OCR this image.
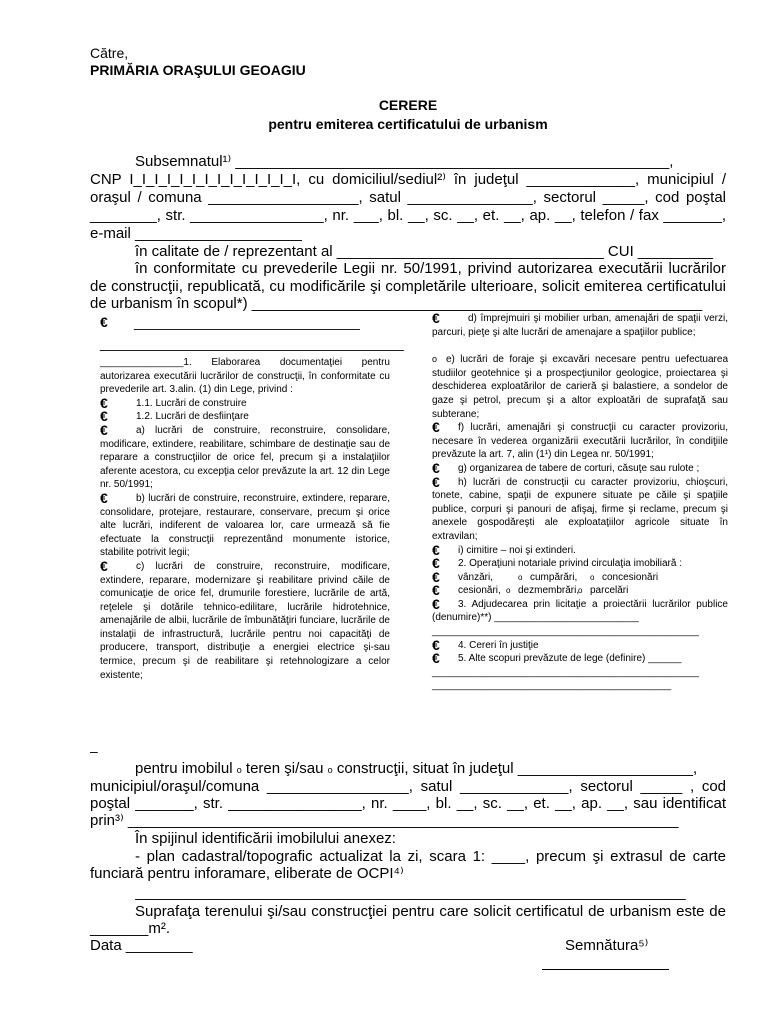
Către,
PRIMĂRIA ORAŞULUI GEOAGIU
CERERE
pentru emiterea certificatului de urbanism
Subsemnatul¹⁾ ____________________________________________________,
CNP I_I_I_I_I_I_I_I_I_I_I_I_I_I, cu domiciliul/sediul²⁾ în judeţul _____________, municipiul /
oraşul / comuna __________________, satul _______________, sectorul _____, cod poştal
________, str. ________________, nr. ___, bl. __, sc. __, et. __, ap. __, telefon / fax _______,
e-mail ____________________
în calitate de / reprezentant al ________________________________ CUI _________
în conformitate cu prevederile Legii nr. 50/1991, privind autorizarea executării lucrărilor
de construcţii, republicată, cu modificările şi completările ulterioare, solicit emiterea certificatului
de urbanism în scopul*) ______________________________________________________
€	_____________________________
_______________________________________
_______________1. Elaborarea documentaţiei pentru autorizarea executării lucrărilor de construcţii, în conformitate cu prevederile art. 3.alin. (1) din Lege, privind :
€	1.1. Lucrări de construire
€	1.2. Lucrări de desfiinţare
€	a) lucrări de construire, reconstruire, consolidare, modificare, extindere, reabilitare, schimbare de destinaţie sau de reparare a construcţiilor de orice fel, precum şi a instalaţiilor aferente acestora, cu excepţia celor prevăzute la art. 12 din Lege nr. 50/1991;
€	b) lucrări de construire, reconstruire, extindere, reparare, consolidare, protejare, restaurare, conservare, precum şi orice alte lucrări, indiferent de valoarea lor, care urmează să fie efectuate la construcţii reprezentând monumente istorice, stabilite potrivit legii;
€	c) lucrări de construire, reconstruire, modificare, extindere, reparare, modernizare şi reabilitare privind căile de comunicaţie de orice fel, drumurile forestiere, lucrările de artă, reţelele şi dotările tehnico-edilitare, lucrările hidrotehnice, amenajările de albii, lucrările de îmbunătăţiri funciare, lucrările de instalaţii de infrastructură, lucrările pentru noi capacităţi de producere, transport, distribuţie a energiei electrice şi-sau termice, precum şi de reabilitare şi retehnologizare a celor existente;
€	d) împrejmuiri şi mobilier urban, amenajări de spaţii verzi, parcuri, pieţe şi alte lucrări de amenajare a spaţiilor publice;
o e) lucrări de foraje şi excavări necesare pentru uefectuarea studiilor geotehnice şi a prospecţiunilor geologice, proiectarea şi deschiderea exploatărilor de carieră şi balastiere, a sondelor de gaze şi petrol, precum şi a altor exploatări de suprafaţă sau subterane;
€	f) lucrări, amenajări şi construcţii cu caracter provizoriu, necesare în vederea organizării executării lucrărilor, în condiţiile prevăzute la art. 7, alin (1¹) din Legea nr. 50/1991;
€	g) organizarea de tabere de corturi, căsuţe sau rulote ;
€	h) lucrări de construcţii cu caracter provizoriu, chioşcuri, tonete, cabine, spaţii de expunere situate pe căile şi spaţiile publice, corpuri şi panouri de afişaj, firme şi reclame, precum şi anexele gospodăreşti ale exploataţiilor agricole situate în extravilan;
€	i) cimitire – noi şi extinderi.
€	2. Operaţiuni notariale privind circulaţia imobiliară :
€	vânzări,	o cumpărări,	o concesionări
€	cesionări, o dezmembrări,
o parcelări
€	3. Adjudecarea prin licitaţie a proiectării lucrărilor publice (denumire)**) __________________________
________________________________________________
€	4. Cereri în justiţie
€	5. Alte scopuri prevăzute de lege (definire) ______
________________________________________________
___________________________________________
–
pentru imobilul o teren şi/sau o construcţii, situat în judeţul _____________________,
municipiul/oraşul/comuna _________________, satul _____________, sectorul _____ , cod
poştal _______, str. ________________, nr. ____, bl. __, sc. __, et. __, ap. __, sau identificat
prin³⁾ __________________________________________________________________
În spijinul identificării imobilului anexez:
- plan cadastral/topografic actualizat la zi, scara 1: ____, precum şi extrasul de carte
funciară pentru inforamare, eliberate de OCPI⁴⁾
__________________________________________________________________
Suprafaţa terenului şi/sau construcţiei pentru care solicit certificatul de urbanism este de
_______m².
Data ________	Semnătura⁵⁾
